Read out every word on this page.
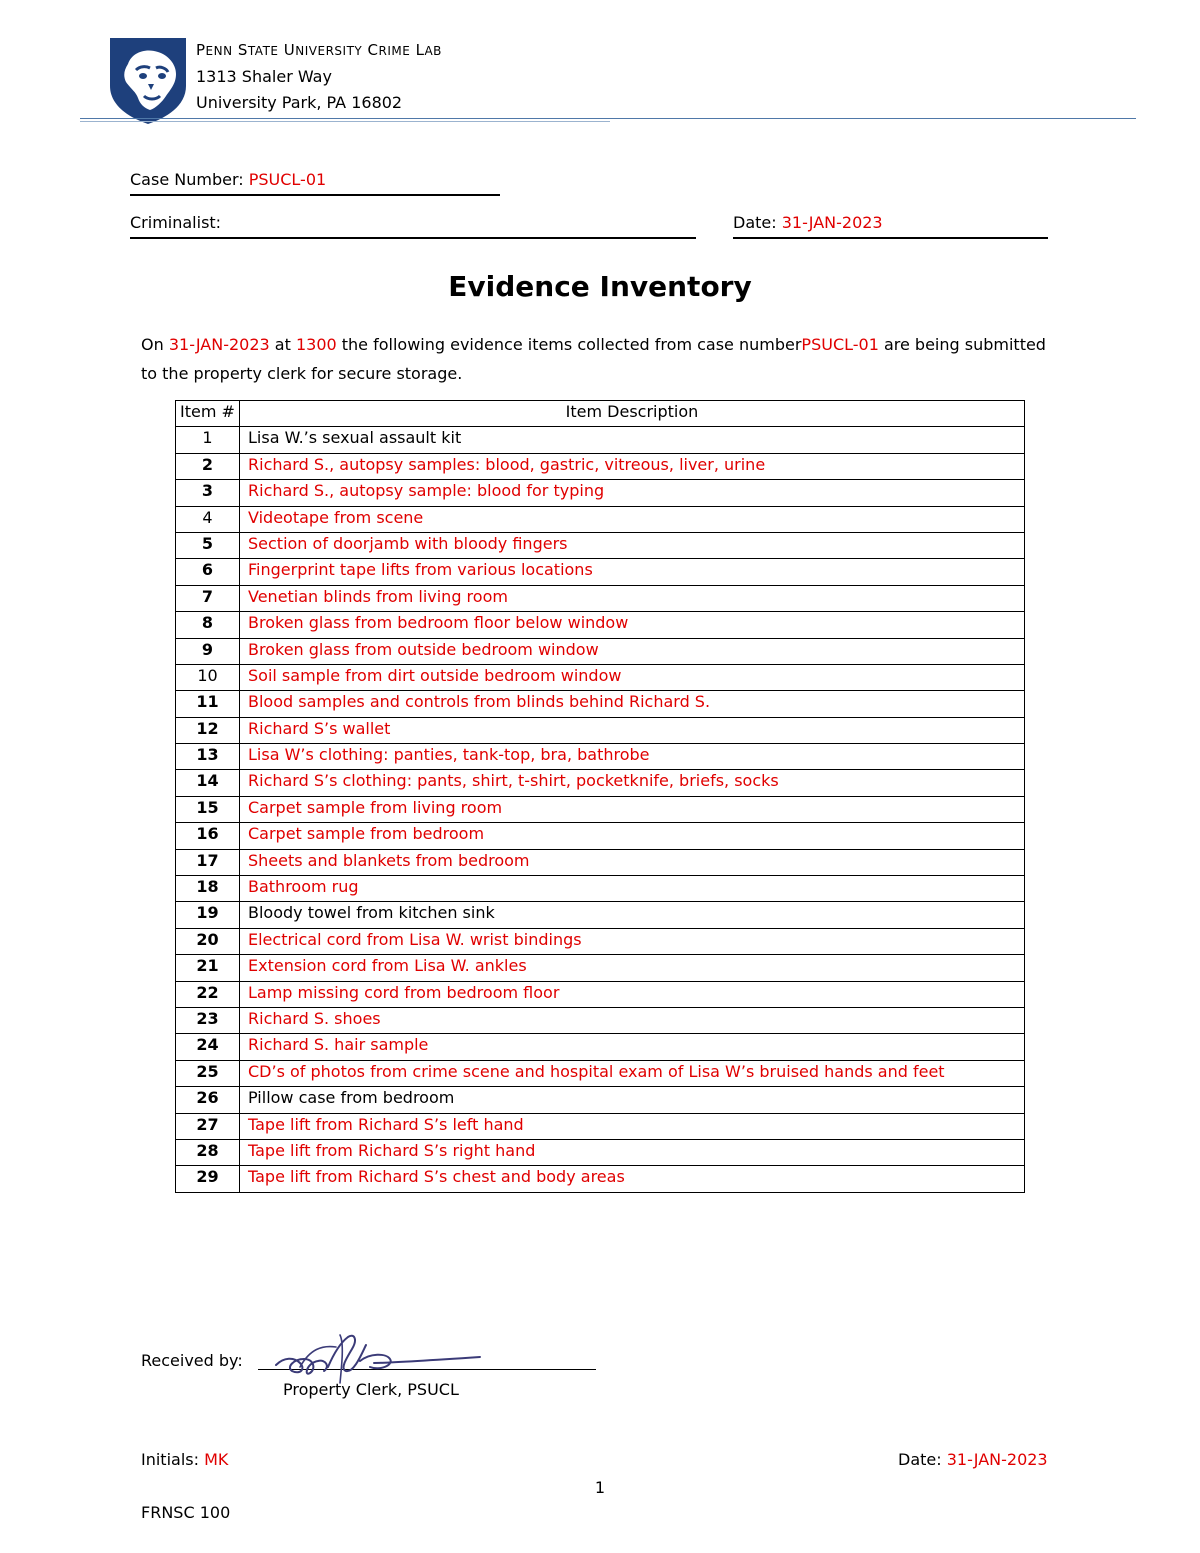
PENN STATE UNIVERSITY CRIME LAB
1313 Shaler Way
University Park, PA 16802
Case Number: PSUCL-01
Criminalist:	Date: 31-JAN-2023
Evidence Inventory
On 31-JAN-2023 at 1300 the following evidence items collected from case numberPSUCL-01 are being submitted to the property clerk for secure storage.
Item #	Item Description
1	Lisa W.’s sexual assault kit
2	Richard S., autopsy samples: blood, gastric, vitreous, liver, urine
3	Richard S., autopsy sample: blood for typing
4	Videotape from scene
5	Section of doorjamb with bloody fingers
6	Fingerprint tape lifts from various locations
7	Venetian blinds from living room
8	Broken glass from bedroom floor below window
9	Broken glass from outside bedroom window
10	Soil sample from dirt outside bedroom window
11	Blood samples and controls from blinds behind Richard S.
12	Richard S’s wallet
13	Lisa W’s clothing: panties, tank-top, bra, bathrobe
14	Richard S’s clothing: pants, shirt, t-shirt, pocketknife, briefs, socks
15	Carpet sample from living room
16	Carpet sample from bedroom
17	Sheets and blankets from bedroom
18	Bathroom rug
19	Bloody towel from kitchen sink
20	Electrical cord from Lisa W. wrist bindings
21	Extension cord from Lisa W. ankles
22	Lamp missing cord from bedroom floor
23	Richard S. shoes
24	Richard S. hair sample
25	CD’s of photos from crime scene and hospital exam of Lisa W’s bruised hands and feet
26	Pillow case from bedroom
27	Tape lift from Richard S’s left hand
28	Tape lift from Richard S’s right hand
29	Tape lift from Richard S’s chest and body areas
Received by:
Property Clerk, PSUCL
Initials: MK	Date: 31-JAN-2023
1
FRNSC 100
